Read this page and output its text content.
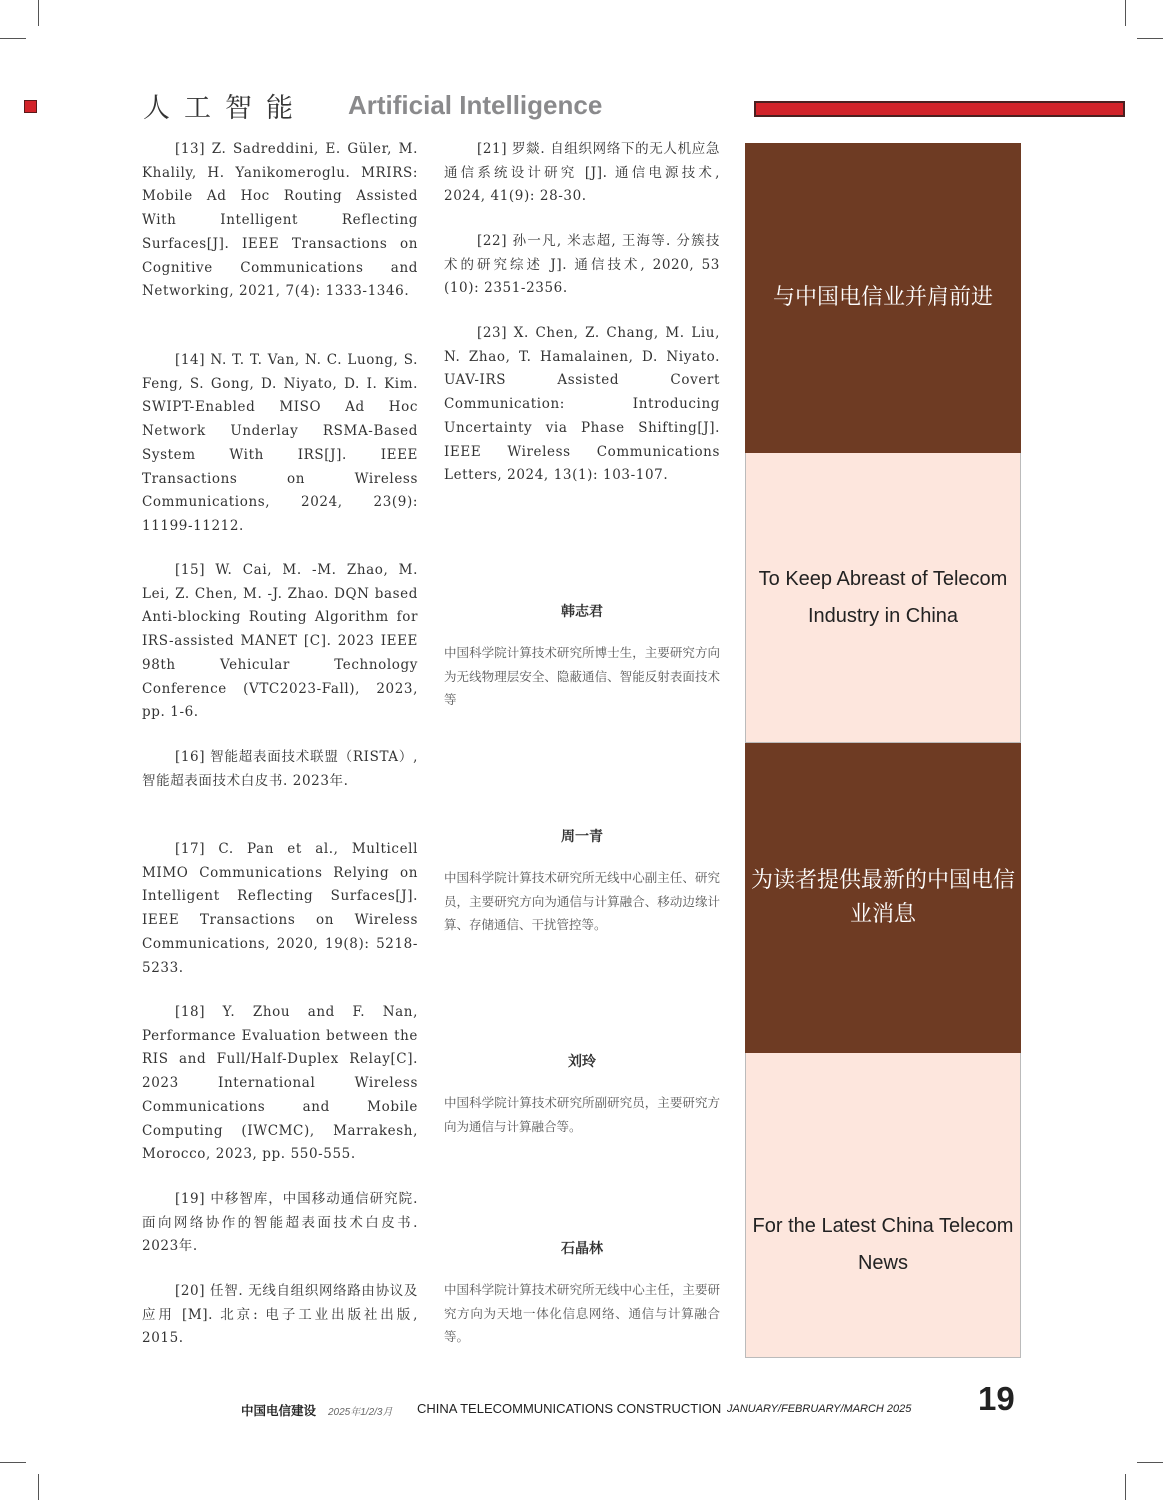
人工智能 Artificial Intelligence
[13] Z. Sadreddini, E. Güler, M. Khalily, H. Yanikomeroglu. MRIRS: Mobile Ad Hoc Routing Assisted With Intelligent Reflecting Surfaces[J]. IEEE Transactions on Cognitive Communications and Networking, 2021, 7(4): 1333-1346.
[14] N. T. T. Van, N. C. Luong, S. Feng, S. Gong, D. Niyato, D. I. Kim. SWIPT-Enabled MISO Ad Hoc Network Underlay RSMA-Based System With IRS[J]. IEEE Transactions on Wireless Communications, 2024, 23(9): 11199-11212.
[15] W. Cai, M. -M. Zhao, M. Lei, Z. Chen, M. -J. Zhao. DQN based Anti-blocking Routing Algorithm for IRS-assisted MANET [C]. 2023 IEEE 98th Vehicular Technology Conference (VTC2023-Fall), 2023, pp. 1-6.
[16] 智能超表面技术联盟（RISTA）, 智能超表面技术白皮书. 2023年.
[17] C. Pan et al., Multicell MIMO Communications Relying on Intelligent Reflecting Surfaces[J]. IEEE Transactions on Wireless Communications, 2020, 19(8): 5218-5233.
[18] Y. Zhou and F. Nan, Performance Evaluation between the RIS and Full/Half-Duplex Relay[C]. 2023 International Wireless Communications and Mobile Computing (IWCMC), Marrakesh, Morocco, 2023, pp. 550-555.
[19] 中移智库，中国移动通信研究院. 面向网络协作的智能超表面技术白皮书. 2023年.
[20] 任智. 无线自组织网络路由协议及应用 [M]. 北京: 电子工业出版社出版, 2015.
[21] 罗燚. 自组织网络下的无人机应急通信系统设计研究 [J]. 通信电源技术, 2024, 41(9): 28-30.
[22] 孙一凡, 米志超, 王海等. 分簇技术的研究综述 J]. 通信技术, 2020, 53 (10): 2351-2356.
[23] X. Chen, Z. Chang, M. Liu, N. Zhao, T. Hamalainen, D. Niyato. UAV-IRS Assisted Covert Communication: Introducing Uncertainty via Phase Shifting[J]. IEEE Wireless Communications Letters, 2024, 13(1): 103-107.
韩志君
中国科学院计算技术研究所博士生，主要研究方向为无线物理层安全、隐蔽通信、智能反射表面技术等
周一青
中国科学院计算技术研究所无线中心副主任、研究员，主要研究方向为通信与计算融合、移动边缘计算、存储通信、干扰管控等。
刘玲
中国科学院计算技术研究所副研究员，主要研究方向为通信与计算融合等。
石晶林
中国科学院计算技术研究所无线中心主任，主要研究方向为天地一体化信息网络、通信与计算融合等。
与中国电信业并肩前进
To Keep Abreast of Telecom Industry in China
为读者提供最新的中国电信业消息
For the Latest China Telecom News
中国电信建设 2025年1/2/3月 CHINA TELECOMMUNICATIONS CONSTRUCTION JANUARY/FEBRUARY/MARCH 2025 19
